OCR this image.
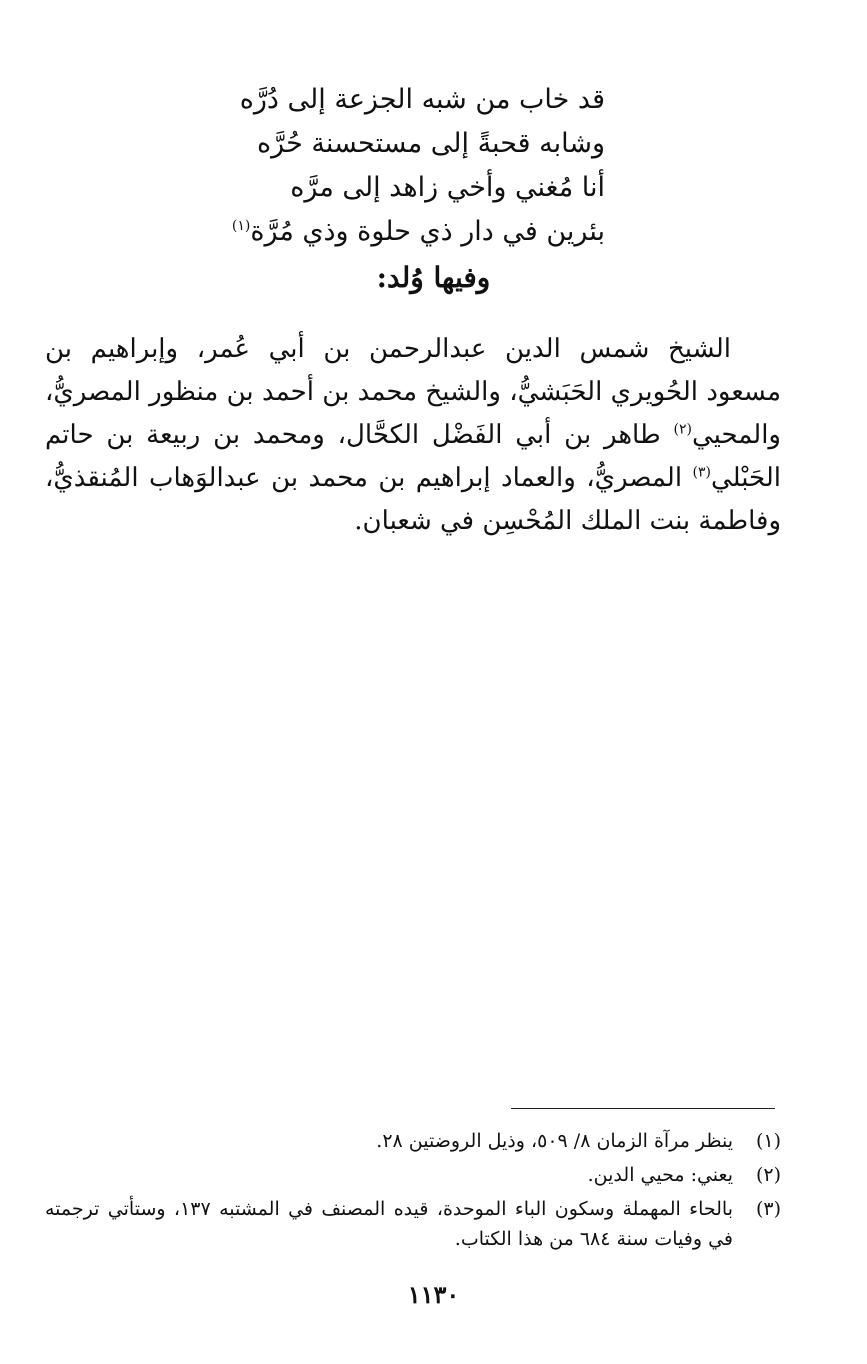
قد خاب من شبه الجزعة إلى دُرَّه
وشابه قحبةً إلى مستحسنة حُرَّه
أنا مُغني وأخي زاهد إلى مرَّه
بئرين في دار ذي حلوة وذي مُرَّة$^{(١)}$
وفيها وُلد:

الشيخ شمس الدين عبدالرحمن بن أبي عُمر، وإبراهيم بن مسعود الحُويري الحَبَشيُّ، والشيخ محمد بن أحمد بن منظور المصريُّ، والمحيي$^{(٢)}$ طاهر بن أبي الفَضْل الكحَّال، ومحمد بن ربيعة بن حاتم الحَبْلي$^{(٣)}$ المصريُّ، والعماد إبراهيم بن محمد بن عبدالوَهاب المُنقذيُّ، وفاطمة بنت الملك المُحْسِن في شعبان.

(١)
ينظر مرآة الزمان ٨/ ٥٠٩، وذيل الروضتين ٢٨.
(٢)
يعني: محيي الدين.
(٣)
بالحاء المهملة وسكون الباء الموحدة، قيده المصنف في المشتبه ١٣٧، وستأتي ترجمته في وفيات سنة ٦٨٤ من هذا الكتاب.
١١٣٠
